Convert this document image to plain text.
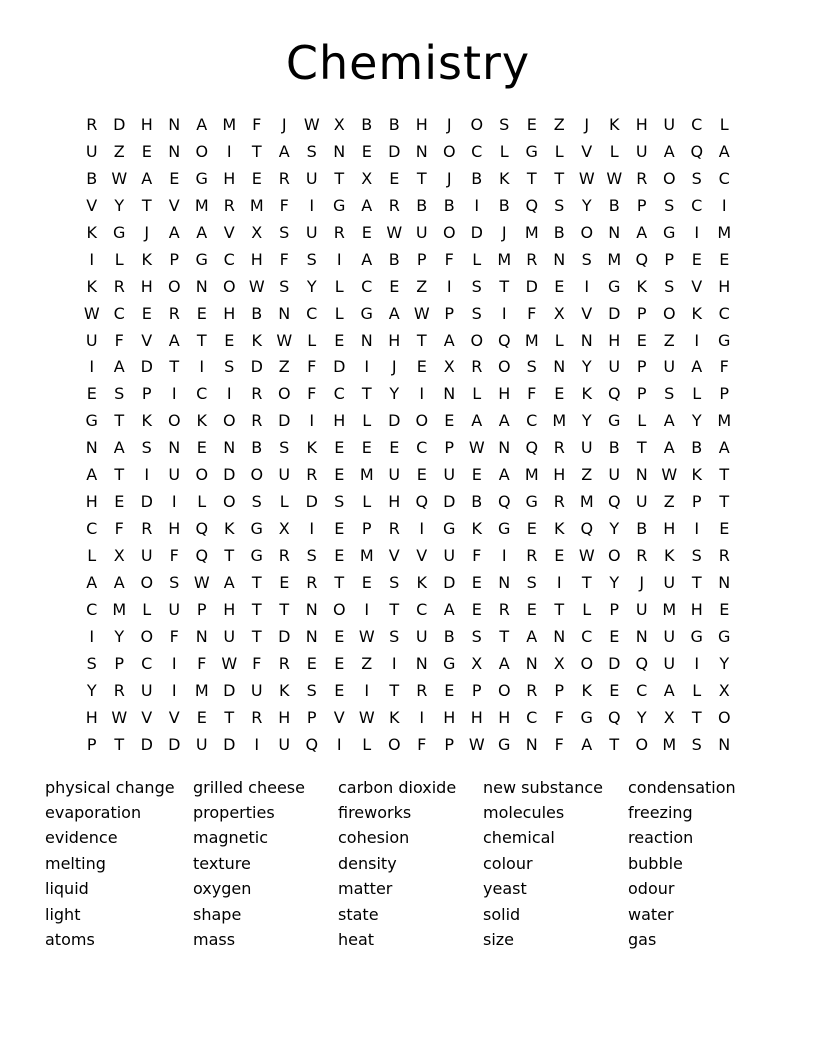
Chemistry
R D H N	A M F	J	W X	B	B	H	J	O	S	E	Z	J	K	H U	C	L
U	Z	E	N O	I	T	A	S	N	E	D N O C	L	G	L	V	L	U	A Q A
B W A	E	G H	E	R	U	T	X	E	T	J	B	K	T	T W W R O	S	C
V	Y	T	V M R M F	I	G A	R	B	B	I	B Q	S	Y	B	P	S	C	I
K	G	J	A	A	V	X	S	U	R	E W U O D	J	M B O N	A G	I	M
I	L	K	P	G C H	F	S	I	A	B	P	F	L	M R N	S M Q	P	E	E
K	R H O N O W S	Y	L	C	E	Z	I	S	T	D	E	I	G	K	S	V	H
W C	E	R	E	H B	N C	L	G A W P	S	I	F	X	V D	P	O K	C
U	F	V	A	T	E	K W L	E	N H	T	A O Q M	L	N H	E	Z	I	G
I	A D	T	I	S	D Z	F	D	I	J	E	X	R O	S	N	Y	U	P	U	A	F
E	S	P	I	C	I	R O	F	C	T	Y	I	N	L	H	F	E	K Q	P	S	L	P
G	T	K O K O R D	I	H	L	D O	E	A	A	C M Y	G	L	A	Y M
N	A	S	N	E	N	B	S	K	E	E	E	C	P W N Q R	U	B	T	A	B	A
A	T	I	U O D O U	R	E M U	E	U	E	A M H	Z	U N W K	T
H	E	D	I	L	O	S	L	D	S	L	H Q D B Q G R M Q U	Z	P	T
C	F	R H Q K	G X	I	E	P	R	I	G	K	G	E	K Q	Y	B	H	I	E
L	X	U	F	Q	T	G R	S	E M V	V	U	F	I	R	E W O R	K	S	R
A	A O	S W A	T	E	R	T	E	S	K	D	E	N	S	I	T	Y	J	U	T	N
C M	L	U	P	H	T	T	N O	I	T	C	A	E	R	E	T	L	P	U M H	E
I	Y	O	F	N U	T	D N	E W S	U	B	S	T	A	N C	E	N U G G
S	P	C	I	F W F	R	E	E	Z	I	N G X	A	N	X O D Q U	I	Y
Y	R	U	I	M D U	K	S	E	I	T	R	E	P	O R	P	K	E	C	A	L	X
H W V	V	E	T	R H	P	V W K	I	H H H C	F	G Q	Y	X	T	O
P	T	D D U D	I	U Q	I	L	O	F	P W G N	F	A	T	O M S	N
physical change
evaporation
evidence
melting
liquid
light
atoms
grilled cheese
properties
magnetic
texture
oxygen
shape
mass
carbon dioxide
fireworks
cohesion
density
matter
state
heat
new substance
molecules
chemical
colour
yeast
solid
size
condensation
freezing
reaction
bubble
odour
water
gas
